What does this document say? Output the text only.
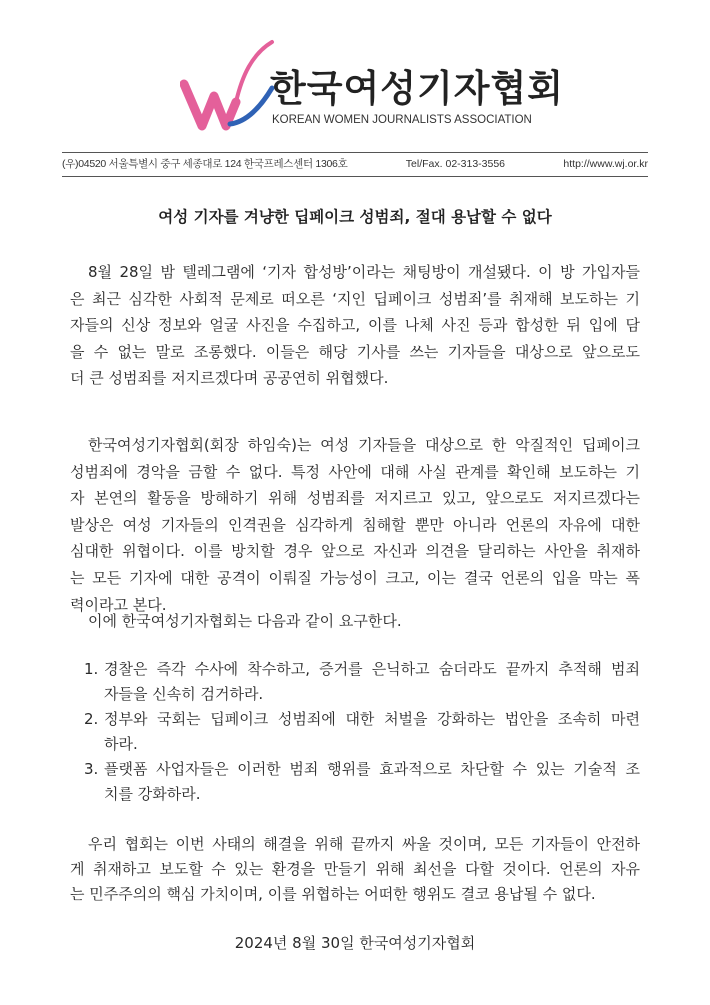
한국여성기자협회
KOREAN WOMEN JOURNALISTS ASSOCIATION
(우)04520 서울특별시 중구 세종대로 124 한국프레스센터 1306호	Tel/Fax. 02-313-3556	http://www.wj.or.kr
여성 기자를 겨냥한 딥페이크 성범죄, 절대 용납할 수 없다
8월 28일 밤 텔레그램에 ‘기자 합성방’이라는 채팅방이 개설됐다. 이 방 가입자들
은 최근 심각한 사회적 문제로 떠오른 ‘지인 딥페이크 성범죄’를 취재해 보도하는 기
자들의 신상 정보와 얼굴 사진을 수집하고, 이를 나체 사진 등과 합성한 뒤 입에 담
을 수 없는 말로 조롱했다. 이들은 해당 기사를 쓰는 기자들을 대상으로 앞으로도
더 큰 성범죄를 저지르겠다며 공공연히 위협했다.
한국여성기자협회(회장 하임숙)는 여성 기자들을 대상으로 한 악질적인 딥페이크
성범죄에 경악을 금할 수 없다. 특정 사안에 대해 사실 관계를 확인해 보도하는 기
자 본연의 활동을 방해하기 위해 성범죄를 저지르고 있고, 앞으로도 저지르겠다는
발상은 여성 기자들의 인격권을 심각하게 침해할 뿐만 아니라 언론의 자유에 대한
심대한 위협이다. 이를 방치할 경우 앞으로 자신과 의견을 달리하는 사안을 취재하
는 모든 기자에 대한 공격이 이뤄질 가능성이 크고, 이는 결국 언론의 입을 막는 폭
력이라고 본다.
이에 한국여성기자협회는 다음과 같이 요구한다.
1. 경찰은 즉각 수사에 착수하고, 증거를 은닉하고 숨더라도 끝까지 추적해 범죄
자들을 신속히 검거하라.
2. 정부와 국회는 딥페이크 성범죄에 대한 처벌을 강화하는 법안을 조속히 마련
하라.
3. 플랫폼 사업자들은 이러한 범죄 행위를 효과적으로 차단할 수 있는 기술적 조
치를 강화하라.
우리 협회는 이번 사태의 해결을 위해 끝까지 싸울 것이며, 모든 기자들이 안전하
게 취재하고 보도할 수 있는 환경을 만들기 위해 최선을 다할 것이다. 언론의 자유
는 민주주의의 핵심 가치이며, 이를 위협하는 어떠한 행위도 결코 용납될 수 없다.
2024년 8월 30일 한국여성기자협회
